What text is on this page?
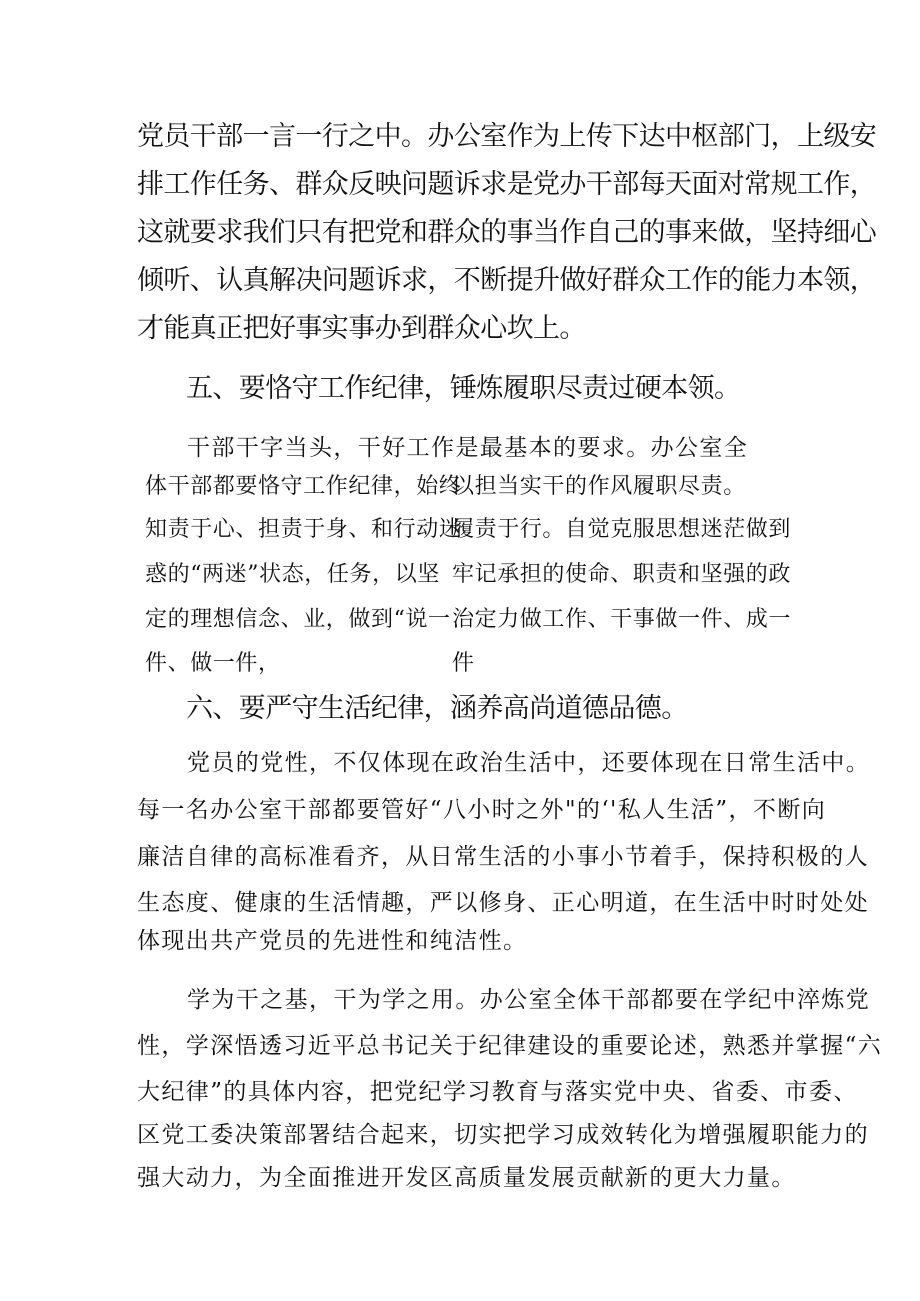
党员干部一言一行之中。办公室作为上传下达中枢部门，上级安

排工作任务、群众反映问题诉求是党办干部每天面对常规工作，

这就要求我们只有把党和群众的事当作自己的事来做，坚持细心

倾听、认真解决问题诉求，不断提升做好群众工作的能力本领，

才能真正把好事实事办到群众心坎上。

五、要恪守工作纪律，锤炼履职尽责过硬本领。

干部干字当头，干好工作是最基本的要求。办公室全

体干部都要恪守工作纪律，始终

知责于心、担责于身、和行动迷

惑的“两迷”状态，任务，以坚

定的理想信念、业，做到“说一

件、做一件，

以担当实干的作风履职尽责。

履责于行。自觉克服思想迷茫做到

牢记承担的使命、职责和坚强的政

治定力做工作、干事做一件、成一

件

六、要严守生活纪律，涵养高尚道德品德。

党员的党性，不仅体现在政治生活中，还要体现在日常生活中。

每一名办公室干部都要管好“八小时之外"的‘'私人生活”，不断向

廉洁自律的高标准看齐，从日常生活的小事小节着手，保持积极的人

生态度、健康的生活情趣，严以修身、正心明道，在生活中时时处处

体现出共产党员的先进性和纯洁性。

学为干之基，干为学之用。办公室全体干部都要在学纪中淬炼党

性，学深悟透习近平总书记关于纪律建设的重要论述，熟悉并掌握“六

大纪律”的具体内容，把党纪学习教育与落实党中央、省委、市委、

区党工委决策部署结合起来，切实把学习成效转化为增强履职能力的

强大动力，为全面推进开发区高质量发展贡献新的更大力量。
